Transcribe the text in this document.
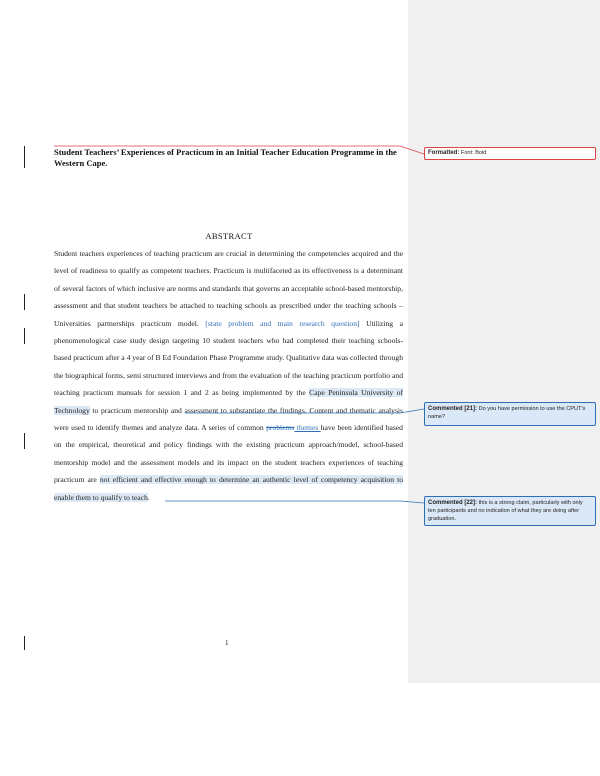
Student Teachers’ Experiences of Practicum in an Initial Teacher Education Programme in the Western Cape.
ABSTRACT
Student teachers experiences of teaching practicum are crucial in determining the competencies acquired and the level of readiness to qualify as competent teachers. Practicum is multifaceted as its effectiveness is a determinant of several factors of which inclusive are norms and standards that governs an acceptable school-based mentorship, assessment and that student teachers be attached to teaching schools as prescribed under the teaching schools – Universities partnerships practicum model. [state problem and main research question] Utilizing a phenomenological case study design targeting 10 student teachers who had completed their teaching schools-based practicum after a 4 year of B Ed Foundation Phase Programme study. Qualitative data was collected through the biographical forms, semi structured interviews and from the evaluation of the teaching practicum portfolio and teaching practicum manuals for session 1 and 2 as being implemented by the Cape Peninsula University of Technology to practicum mentorship and assessment to substantiate the findings. Content and thematic analysis were used to identify themes and analyze data. A series of common problems themes have been identified based on the empirical, theoretical and policy findings with the existing practicum approach/model, school-based mentorship model and the assessment models and its impact on the student teachers experiences of teaching practicum are not efficient and effective enough to determine an authentic level of competency acquisition to enable them to qualify to teach.
1
Formatted: Font: Bold
Commented [21]: Do you have permission to use the CPUT's name?
Commented [22]: this is a strong claim, particularly with only ten participants and no indication of what they are doing after graduation.
